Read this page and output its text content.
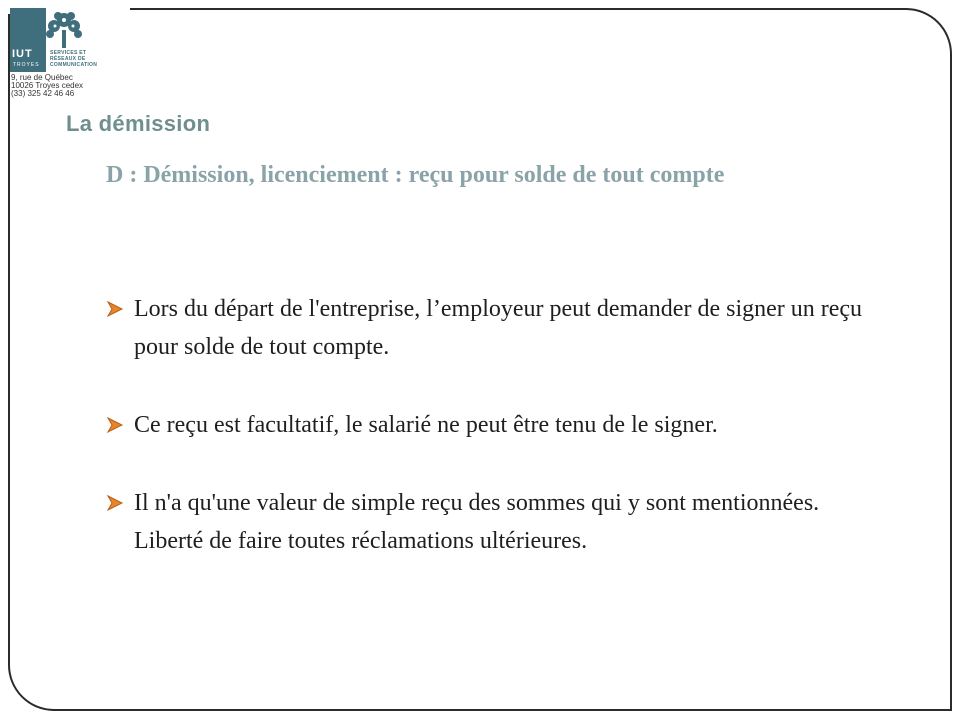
IUT
TROYES
SERVICES ET
RÉSEAUX DE
COMMUNICATION
9, rue de Québec
10026 Troyes cedex
(33) 325 42 46 46
La démission
D : Démission, licenciement : reçu pour solde de tout compte
Lors du départ de l'entreprise, l’employeur peut demander de signer un reçu pour solde de tout compte.
Ce reçu est facultatif, le salarié ne peut être tenu de le signer.
Il n'a qu'une valeur de simple reçu des sommes qui y sont mentionnées. Liberté de faire toutes réclamations ultérieures.
